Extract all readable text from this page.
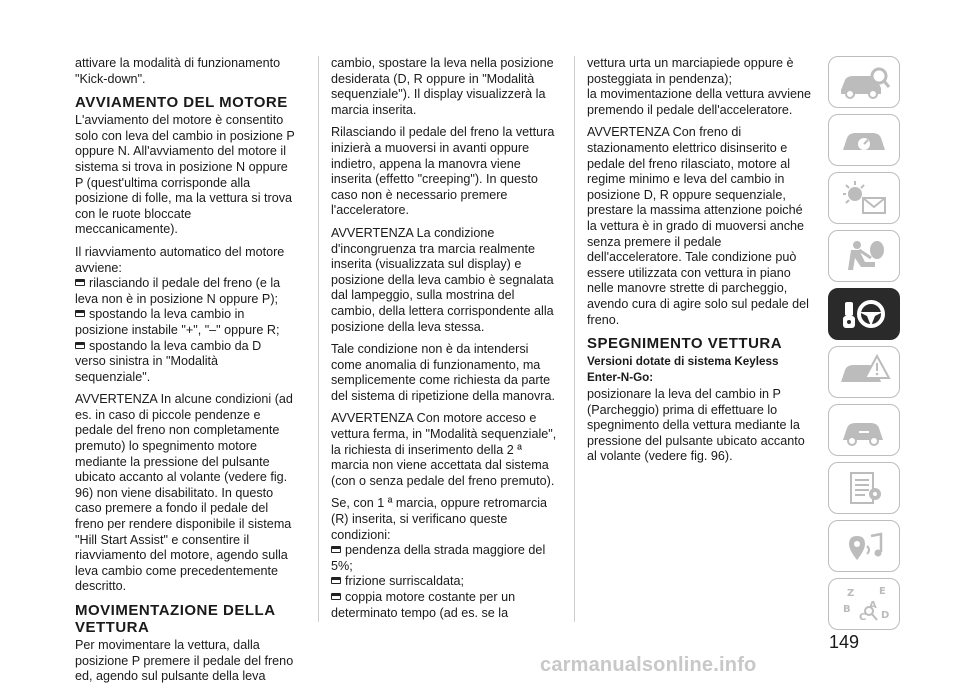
attivare la modalità di funzionamento "Kick-down".

AVVIAMENTO DEL MOTORE

L'avviamento del motore è consentito solo con leva del cambio in posizione P oppure N. All'avviamento del motore il sistema si trova in posizione N oppure P (quest'ultima corrisponde alla posizione di folle, ma la vettura si trova con le ruote bloccate meccanicamente).

Il riavviamento automatico del motore avviene:

rilasciando il pedale del freno (e la leva non è in posizione N oppure P);

spostando la leva cambio in posizione instabile "+", "–" oppure R;

spostando la leva cambio da D verso sinistra in "Modalità sequenziale".

AVVERTENZA In alcune condizioni (ad es. in caso di piccole pendenze e pedale del freno non completamente premuto) lo spegnimento motore mediante la pressione del pulsante ubicato accanto al volante (vedere fig. 96) non viene disabilitato. In questo caso premere a fondo il pedale del freno per rendere disponibile il sistema "Hill Start Assist" e consentire il riavviamento del motore, agendo sulla leva cambio come precedentemente descritto.

MOVIMENTAZIONE DELLA VETTURA

Per movimentare la vettura, dalla posizione P premere il pedale del freno ed, agendo sul pulsante della leva

cambio, spostare la leva nella posizione desiderata (D, R oppure in "Modalità sequenziale"). Il display visualizzerà la marcia inserita.

Rilasciando il pedale del freno la vettura inizierà a muoversi in avanti oppure indietro, appena la manovra viene inserita (effetto "creeping"). In questo caso non è necessario premere l'acceleratore.

AVVERTENZA La condizione d'incongruenza tra marcia realmente inserita (visualizzata sul display) e posizione della leva cambio è segnalata dal lampeggio, sulla mostrina del cambio, della lettera corrispondente alla posizione della leva stessa.

Tale condizione non è da intendersi come anomalia di funzionamento, ma semplicemente come richiesta da parte del sistema di ripetizione della manovra.

AVVERTENZA Con motore acceso e vettura ferma, in "Modalità sequenziale", la richiesta di inserimento della 2 ª marcia non viene accettata dal sistema (con o senza pedale del freno premuto).

Se, con 1 ª marcia, oppure retromarcia (R) inserita, si verificano queste condizioni:

pendenza della strada maggiore del 5%;

frizione surriscaldata;

coppia motore costante per un determinato tempo (ad es. se la

vettura urta un marciapiede oppure è posteggiata in pendenza);

la movimentazione della vettura avviene premendo il pedale dell'acceleratore.

AVVERTENZA Con freno di stazionamento elettrico disinserito e pedale del freno rilasciato, motore al regime minimo e leva del cambio in posizione D, R oppure sequenziale, prestare la massima attenzione poiché la vettura è in grado di muoversi anche senza premere il pedale dell'acceleratore. Tale condizione può essere utilizzata con vettura in piano nelle manovre strette di parcheggio, avendo cura di agire solo sul pedale del freno.

SPEGNIMENTO VETTURA
Versioni dotate di sistema Keyless Enter-N-Go:

posizionare la leva del cambio in P (Parcheggio) prima di effettuare lo spegnimento della vettura mediante la pressione del pulsante ubicato accanto al volante (vedere fig. 96).

Z E
B A
C D
149
carmanualsonline.info
